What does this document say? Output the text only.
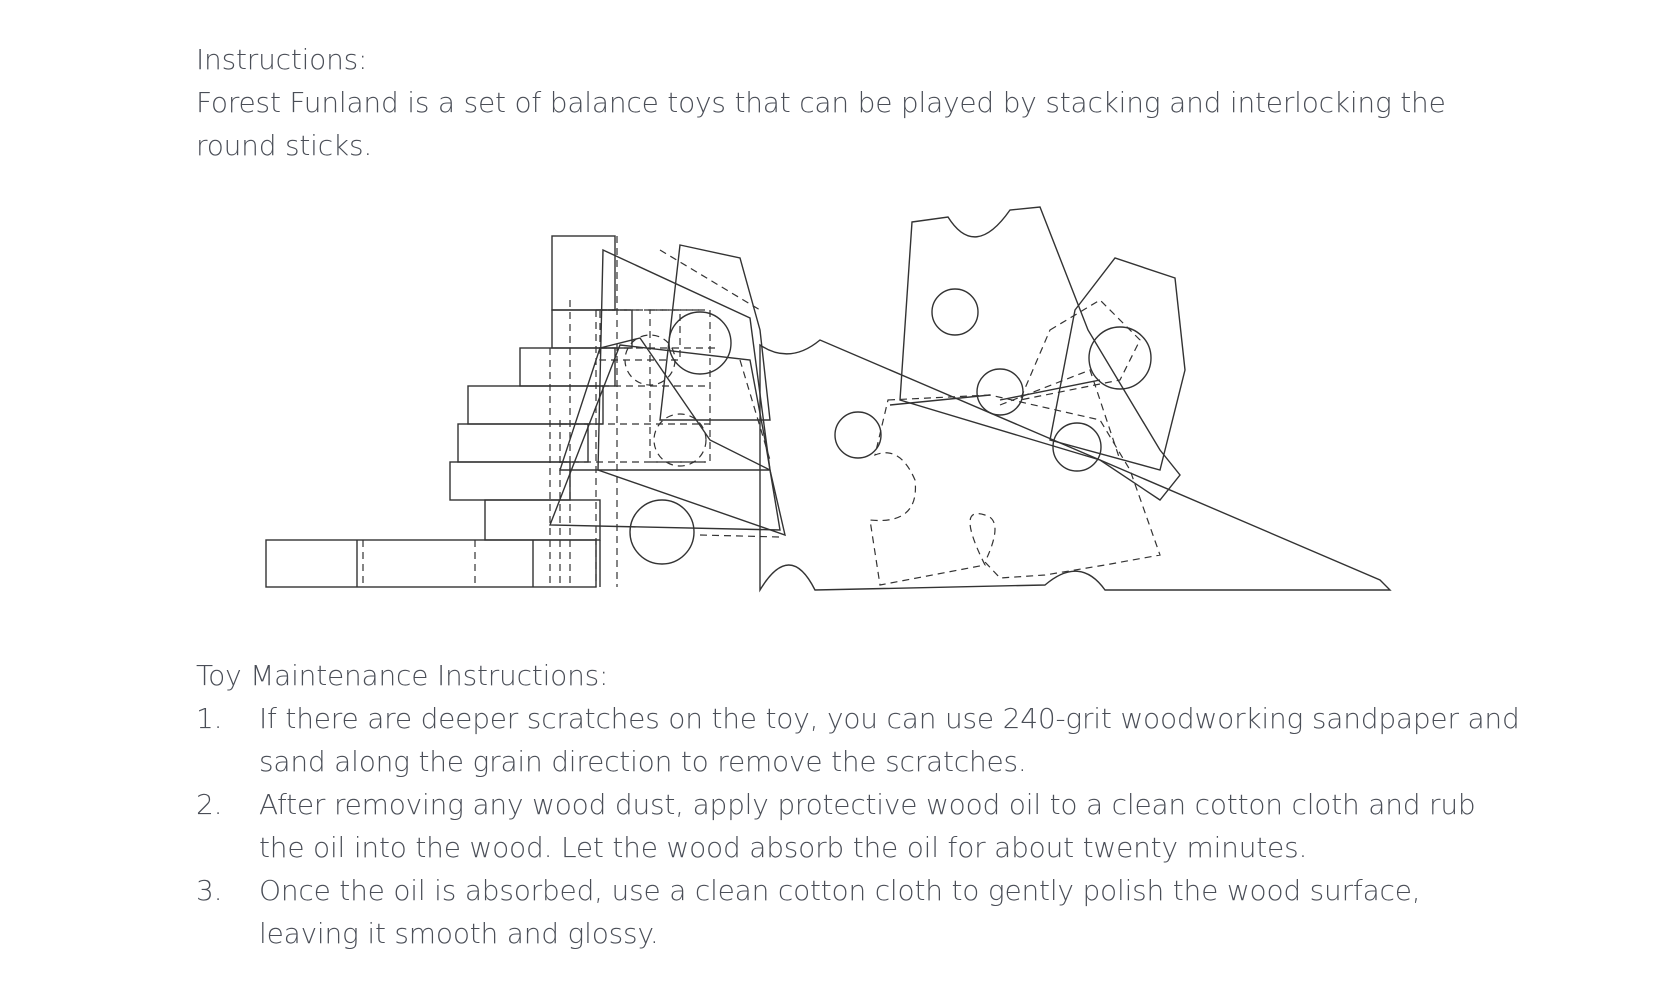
Instructions:

Forest Funland is a set of balance toys that can be played by stacking and interlocking the round sticks.

Toy Maintenance Instructions:
1. If there are deeper scratches on the toy, you can use 240-grit woodworking sandpaper and sand along the grain direction to remove the scratches.
2. After removing any wood dust, apply protective wood oil to a clean cotton cloth and rub the oil into the wood. Let the wood absorb the oil for about twenty minutes.
3. Once the oil is absorbed, use a clean cotton cloth to gently polish the wood surface, leaving it smooth and glossy.
